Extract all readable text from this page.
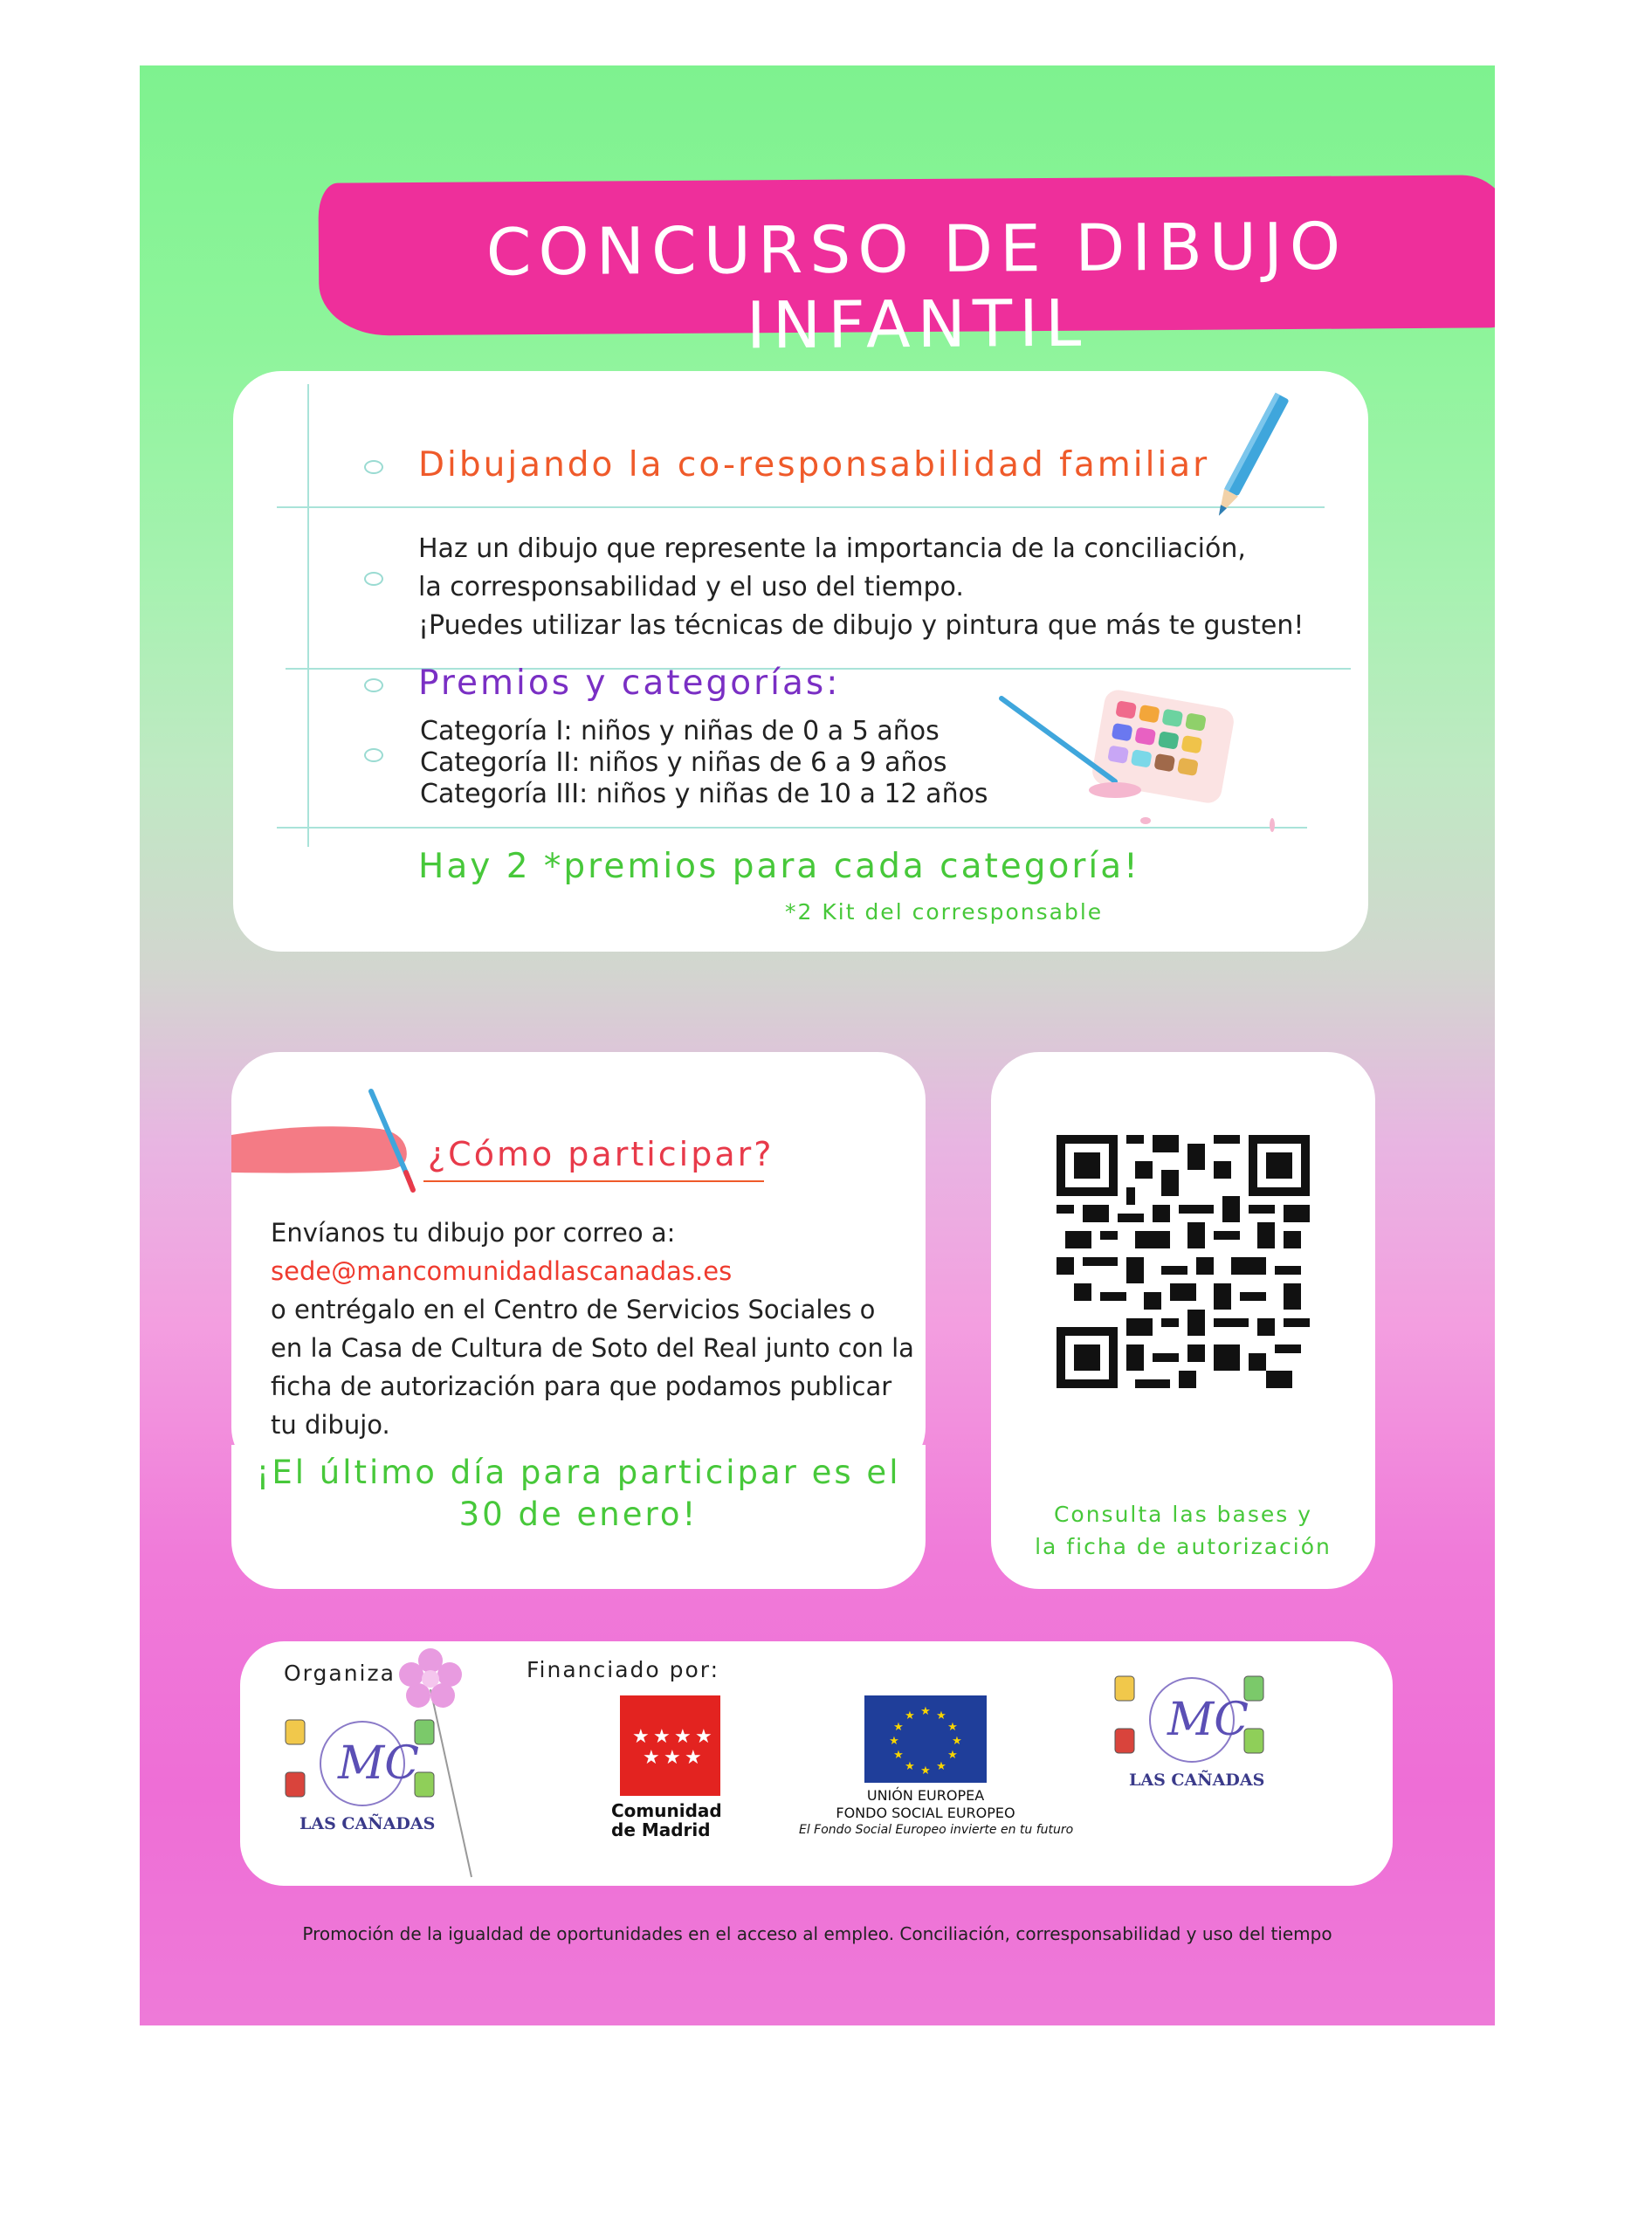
CONCURSO DE DIBUJO INFANTIL
Dibujando la co-responsabilidad familiar
Haz un dibujo que represente la importancia de la conciliación,
la corresponsabilidad y el uso del tiempo.
¡Puedes utilizar las técnicas de dibujo y pintura que más te gusten!
Premios y categorías:
Categoría I: niños y niñas de 0 a 5 años
Categoría II: niños y niñas de 6 a 9 años
Categoría III: niños y niñas de 10 a 12 años
Hay 2 *premios para cada categoría!
*2 Kit del corresponsable
¿Cómo participar?
Envíanos tu dibujo por correo a:
sede@mancomunidadlascanadas.es
o entrégalo en el Centro de Servicios Sociales o
en la Casa de Cultura de Soto del Real junto con la
ficha de autorización para que podamos publicar
tu dibujo.
¡El último día para participar es el
30 de enero!	Consulta las bases y
la ficha de autorización
Organiza	Financiado por:
MC
LAS CAÑADAS
★ ★ ★ ★
★ ★ ★
Comunidad
de Madrid
★ ★
★
★
★
★
★
★
★
★
★
★
UNIÓN EUROPEA
FONDO SOCIAL EUROPEO
El Fondo Social Europeo invierte en tu futuro
MC
LAS CAÑADAS
Promoción de la igualdad de oportunidades en el acceso al empleo. Conciliación, corresponsabilidad y uso del tiempo
